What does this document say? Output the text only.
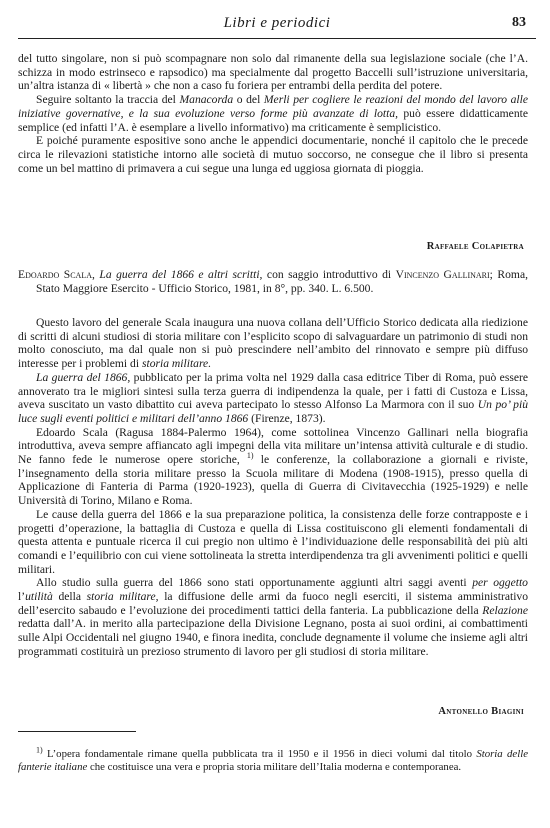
Libri e periodici	83

del tutto singolare, non si può scompagnare non solo dal rimanente della sua legislazione sociale (che l’A. schizza in modo estrinseco e rapsodico) ma specialmente dal progetto Baccelli sull’istruzione universitaria, un’altra istanza di « libertà » che non a caso fu foriera per entrambi della perdita del potere.

Seguire soltanto la traccia del Manacorda o del Merli per cogliere le reazioni del mondo del lavoro alle iniziative governative, e la sua evoluzione verso forme più avanzate di lotta, può essere didatticamente semplice (ed infatti l’A. è esemplare a livello informativo) ma criticamente è semplicistico.

E poiché puramente espositive sono anche le appendici documentarie, nonché il capitolo che le precede circa le rilevazioni statistiche intorno alle società di mutuo soccorso, ne consegue che il libro si presenta come un bel mattino di primavera a cui segue una lunga ed uggiosa giornata di pioggia.

Raffaele Colapietra
Edoardo Scala, La guerra del 1866 e altri scritti, con saggio introduttivo di Vincenzo Gallinari; Roma, Stato Maggiore Esercito - Ufficio Storico, 1981, in 8°, pp. 340. L. 6.500.

Questo lavoro del generale Scala inaugura una nuova collana dell’Ufficio Storico dedicata alla riedizione di scritti di alcuni studiosi di storia militare con l’esplicito scopo di salvaguardare un patrimonio di studi non molto conosciuto, ma dal quale non si può prescindere nell’ambito del rinnovato e sempre più diffuso interesse per i problemi di storia militare.

La guerra del 1866, pubblicato per la prima volta nel 1929 dalla casa editrice Tiber di Roma, può essere annoverato tra le migliori sintesi sulla terza guerra di indipendenza la quale, per i fatti di Custoza e Lissa, aveva suscitato un vasto dibattito cui aveva partecipato lo stesso Alfonso La Marmora con il suo Un po’ più luce sugli eventi politici e militari dell’anno 1866 (Firenze, 1873).

Edoardo Scala (Ragusa 1884-Palermo 1964), come sottolinea Vincenzo Gallinari nella biografia introduttiva, aveva sempre affiancato agli impegni della vita militare un’intensa attività culturale e di studio. Ne fanno fede le numerose opere storiche, $^{1)}$ le conferenze, la collaborazione a giornali e riviste, l’insegnamento della storia militare presso la Scuola militare di Modena (1908-1915), presso quella di Applicazione di Fanteria di Parma (1920-1923), quella di Guerra di Civitavecchia (1925-1929) e nelle Università di Torino, Milano e Roma.

Le cause della guerra del 1866 e la sua preparazione politica, la consistenza delle forze contrapposte e i progetti d’operazione, la battaglia di Custoza e quella di Lissa costituiscono gli elementi fondamentali di questa attenta e puntuale ricerca il cui pregio non ultimo è l’individuazione delle responsabilità dei più alti comandi e l’equilibrio con cui viene sottolineata la stretta interdipendenza tra gli avvenimenti politici e quelli militari.

Allo studio sulla guerra del 1866 sono stati opportunamente aggiunti altri saggi aventi per oggetto l’utilità della storia militare, la diffusione delle armi da fuoco negli eserciti, il sistema amministrativo dell’esercito sabaudo e l’evoluzione dei procedimenti tattici della fanteria. La pubblicazione della Relazione redatta dall’A. in merito alla partecipazione della Divisione Legnano, posta ai suoi ordini, ai combattimenti sulle Alpi Occidentali nel giugno 1940, e finora inedita, conclude degnamente il volume che insieme agli altri programmati costituirà un prezioso strumento di lavoro per gli studiosi di storia militare.

Antonello Biagini

$^{1)}$ L’opera fondamentale rimane quella pubblicata tra il 1950 e il 1956 in dieci volumi dal titolo Storia delle fanterie italiane che costituisce una vera e propria storia militare dell’Italia moderna e contemporanea.
